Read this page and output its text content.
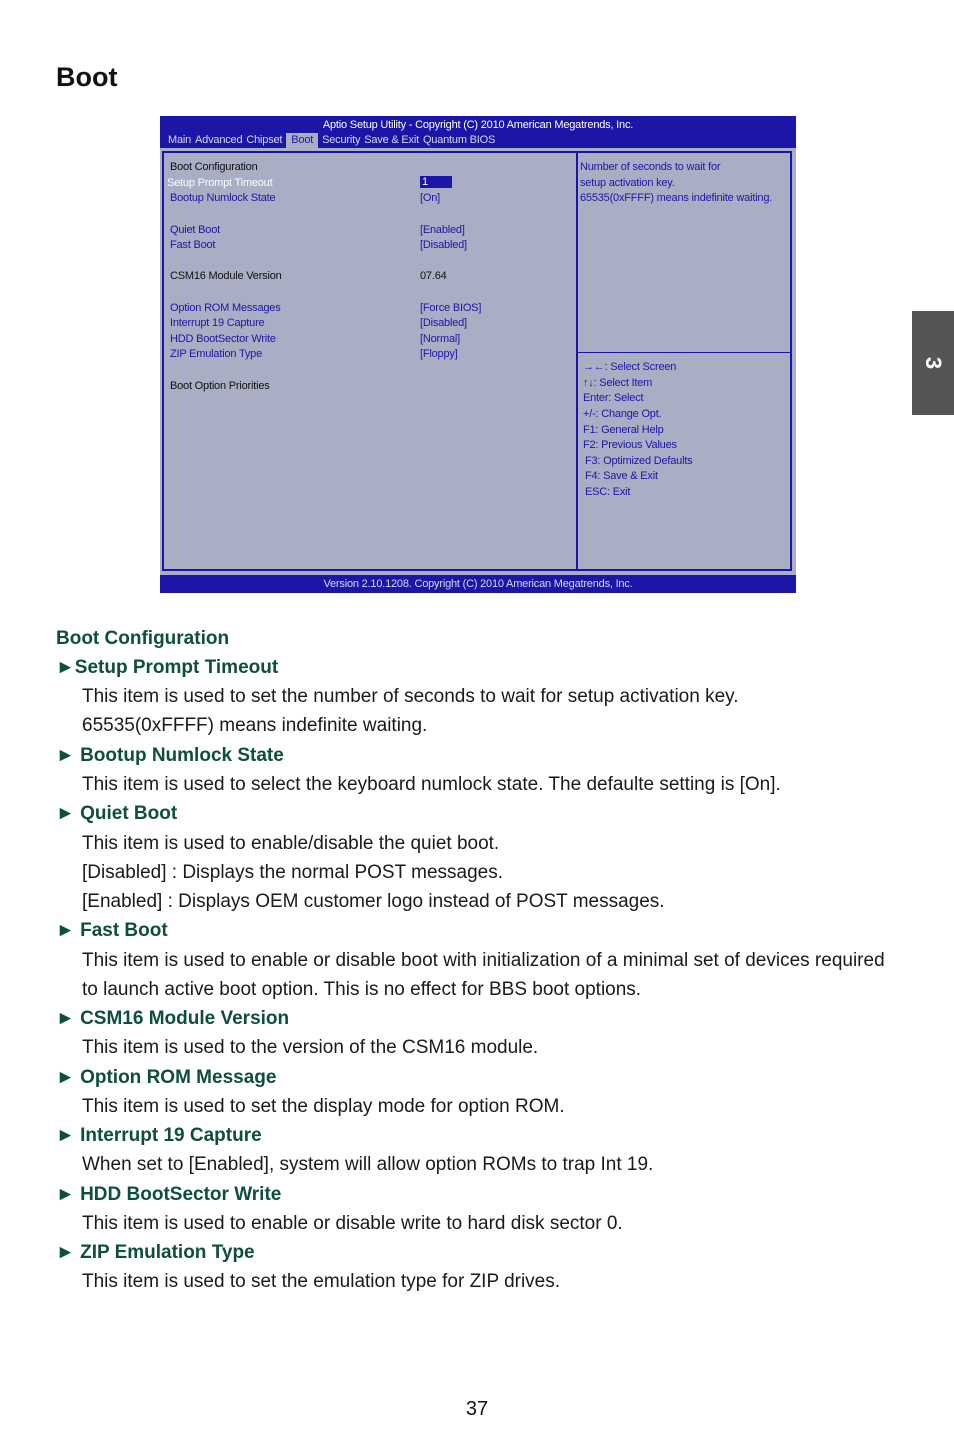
Boot
3
Aptio Setup Utility - Copyright (C) 2010 American Megatrends, Inc.
Main Advanced Chipset Boot Security Save & Exit Quantum BIOS
Boot Configuration
Setup Prompt Timeout
Bootup Numlock State
Quiet Boot
Fast Boot
CSM16 Module Version
Option ROM Messages
Interrupt 19 Capture
HDD BootSector Write
ZIP Emulation Type
Boot Option Priorities
1
[On]
[Enabled]
[Disabled]
07.64
[Force BIOS]
[Disabled]
[Normal]
[Floppy]
Number of seconds to wait for
setup activation key.
65535(0xFFFF) means indefinite waiting.
→←: Select Screen
↑↓: Select Item
Enter: Select
+/-: Change Opt.
F1: General Help
F2: Previous Values
F3: Optimized Defaults
F4: Save & Exit
ESC: Exit
Version 2.10.1208. Copyright (C) 2010 American Megatrends, Inc.
Boot Configuration
►Setup Prompt Timeout
This item is used to set the number of seconds to wait for setup activation key.
65535(0xFFFF) means indefinite waiting.
► Bootup Numlock State
This item is used to select the keyboard numlock state. The defaulte setting is [On].
► Quiet Boot
This item is used to enable/disable the quiet boot.
[Disabled] : Displays the normal POST messages.
[Enabled] : Displays OEM customer logo instead of POST messages.
► Fast Boot
This item is used to enable or disable boot with initialization of a minimal set of devices required
to launch active boot option. This is no effect for BBS boot options.
► CSM16 Module Version
This item is used to the version of the CSM16 module.
► Option ROM Message
This item is used to set the display mode for option ROM.
► Interrupt 19 Capture
When set to [Enabled], system will allow option ROMs to trap Int 19.
► HDD BootSector Write
This item is used to enable or disable write to hard disk sector 0.
► ZIP Emulation Type
This item is used to set the emulation type for ZIP drives.
37
